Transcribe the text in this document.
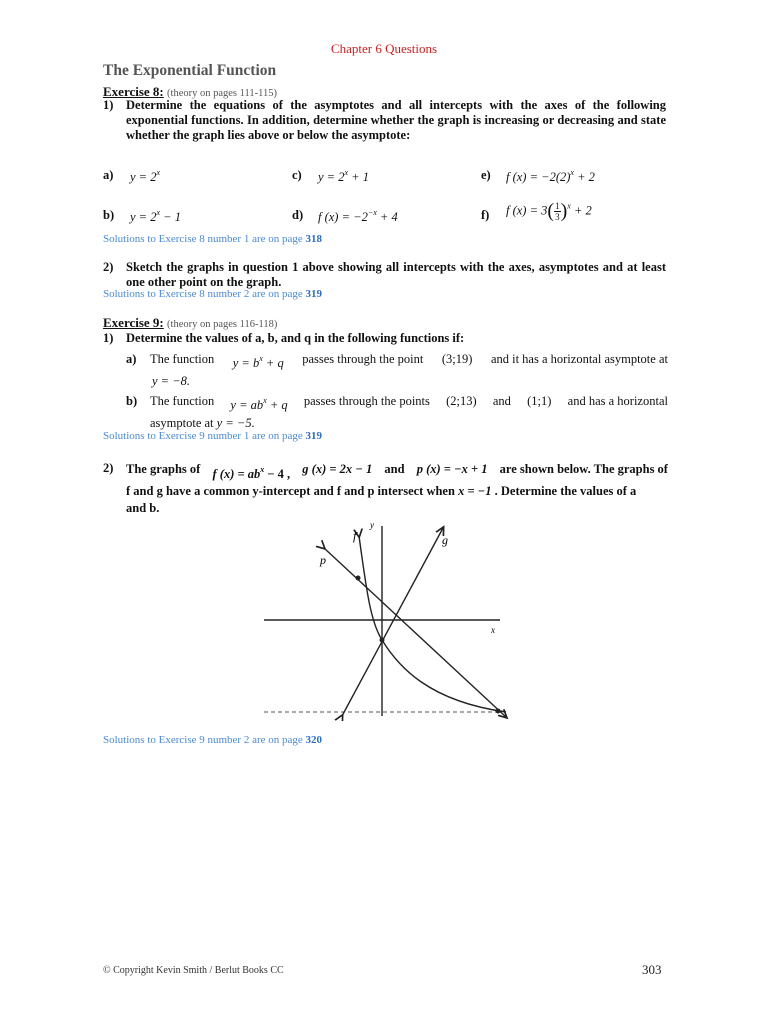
Chapter 6 Questions
The Exponential Function
Exercise 8: (theory on pages 111-115)
1) Determine the equations of the asymptotes and all intercepts with the axes of the following exponential functions. In addition, determine whether the graph is increasing or decreasing and state whether the graph lies above or below the asymptote:
a) $y = 2^x$	c) $y = 2^x + 1$	e) f $(x) = -2(2)^x + 2$
b) $y = 2^x - 1$	d) f $(x) = -2^{-x} + 4$	f) f $(x) = 3( \frac{1}{3} )^x + 2$
Solutions to Exercise 8 number 1 are on page 318
2) Sketch the graphs in question 1 above showing all intercepts with the axes, asymptotes and at least one other point on the graph.
Solutions to Exercise 8 number 2 are on page 319
Exercise 9: (theory on pages 116-118)
1) Determine the values of a, b, and q in the following functions if:
a) The function $y = b^x + q$ passes through the point (3;19) and it has a horizontal asymptote at
y = −8.
b) The function $y = ab^x + q$ passes through the points (2;13) and (1;1) and has a horizontal
asymptote at y = −5.
Solutions to Exercise 9 number 1 are on page 319
2) The graphs of f $(x) = ab^x - 4$ , g (x) = 2x − 1 and p (x) = −x + 1 are shown below. The graphs of
f and g have a common y-intercept and f and p intersect when x = −1 . Determine the values of a
and b.
f	g
p
y
x
Solutions to Exercise 9 number 2 are on page 320
© Copyright Kevin Smith / Berlut Books CC	303
